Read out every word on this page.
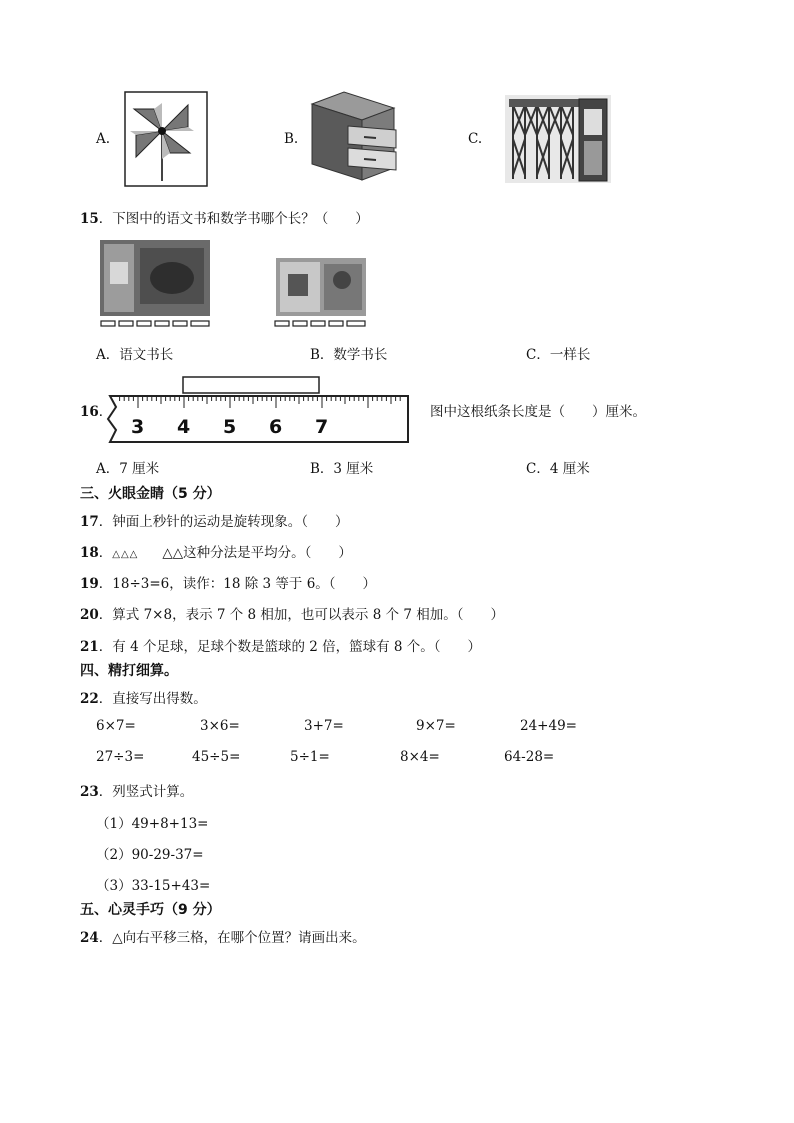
A.	B.	C.
15．下图中的语文书和数学书哪个长？（　　）
A．语文书长	B．数学书长	C．一样长
16．
3 4 5 6 7
图中这根纸条长度是（　　）厘米。
A．7 厘米	B．3 厘米	C．4 厘米
三、火眼金睛（5 分）
17．钟面上秒针的运动是旋转现象。（　　）
18．△△△ △△这种分法是平均分。（　　）
19．18÷3=6，读作：18 除 3 等于 6。（　　）
20．算式 7×8，表示 7 个 8 相加，也可以表示 8 个 7 相加。（　　）
21．有 4 个足球，足球个数是篮球的 2 倍，篮球有 8 个。（　　）
四、精打细算。
22．直接写出得数。
6×7=	3×6=	3+7=	9×7=	24+49=
27÷3=	45÷5=	5÷1=	8×4=	64-28=
23．列竖式计算。
（1）49+8+13=
（2）90-29-37=
（3）33-15+43=
五、心灵手巧（9 分）
24．△向右平移三格，在哪个位置？请画出来。
